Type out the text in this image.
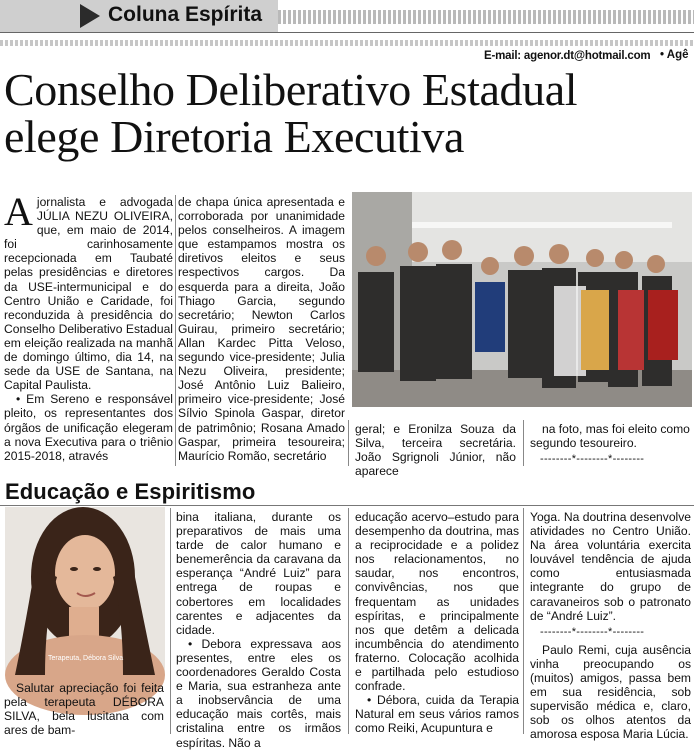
Coluna Espírita
E-mail: agenor.dt@hotmail.com • Agê
Conselho Deliberativo Estadual
elege Diretoria Executiva

Ajornalista e advogada JÚLIA NEZU OLIVEIRA, que, em maio de 2014, foi carinhosamente recepcionada em Taubaté pelas presidências e diretores da USE-intermunicipal e do Centro União e Caridade, foi reconduzida à presidência do Conselho Deliberativo Estadual em eleição realizada na manhã de domingo último, dia 14, na sede da USE de Santana, na Capital Paulista.

• Em Sereno e responsável pleito, os representantes dos órgãos de unificação elegeram a nova Executiva para o triênio 2015-2018, através

de chapa única apresentada e corroborada por unanimidade pelos conselheiros. A imagem que estampamos mostra os diretivos eleitos e seus respectivos cargos. Da esquerda para a direita, João Thiago Garcia, segundo secretário; Newton Carlos Guirau, primeiro secretário; Allan Kardec Pitta Veloso, segundo vice-presidente; Julia Nezu Oliveira, presidente; José Antônio Luiz Balieiro, primeiro vice-presidente; José Sílvio Spinola Gaspar, diretor de patrimônio; Rosana Amado Gaspar, primeira tesoureira; Maurício Romão, secretário

geral; e Eronilza Souza da Silva, terceira secretária. João Sgrignoli Júnior, não aparece

na foto, mas foi eleito como segundo tesoureiro.

--------*--------*--------
Educação e Espiritismo
Terapeuta, Débora Silva

Salutar apreciação foi feita pela terapeuta DÉBORA SILVA, bela lusitana com ares de bam-

bina italiana, durante os preparativos de mais uma tarde de calor humano e benemerência da caravana da esperança “André Luiz” para entrega de roupas e cobertores em localidades carentes e adjacentes da cidade.

• Debora expressava aos presentes, entre eles os coordenadores Geraldo Costa e Maria, sua estranheza ante a inobservância de uma educação mais cortês, mais cristalina entre os irmãos espíritas. Não a

educação acervo–estudo para desempenho da doutrina, mas a reciprocidade e a polidez nos relacionamentos, no saudar, nos encontros, convivências, nos que frequentam as unidades espíritas, e principalmente nos que detêm a delicada incumbência do atendimento fraterno. Colocação acolhida e partilhada pelo estudioso confrade.

• Débora, cuida da Terapia Natural em seus vários ramos como Reiki, Acupuntura e

Yoga. Na doutrina desenvolve atividades no Centro União. Na área voluntária exercita louvável tendência de ajuda como entusiasmada integrante do grupo de caravaneiros sob o patronato de “André Luiz”.

--------*--------*--------

Paulo Remi, cuja ausência vinha preocupando os (muitos) amigos, passa bem em sua residência, sob supervisão médica e, claro, sob os olhos atentos da amorosa esposa Maria Lúcia.
